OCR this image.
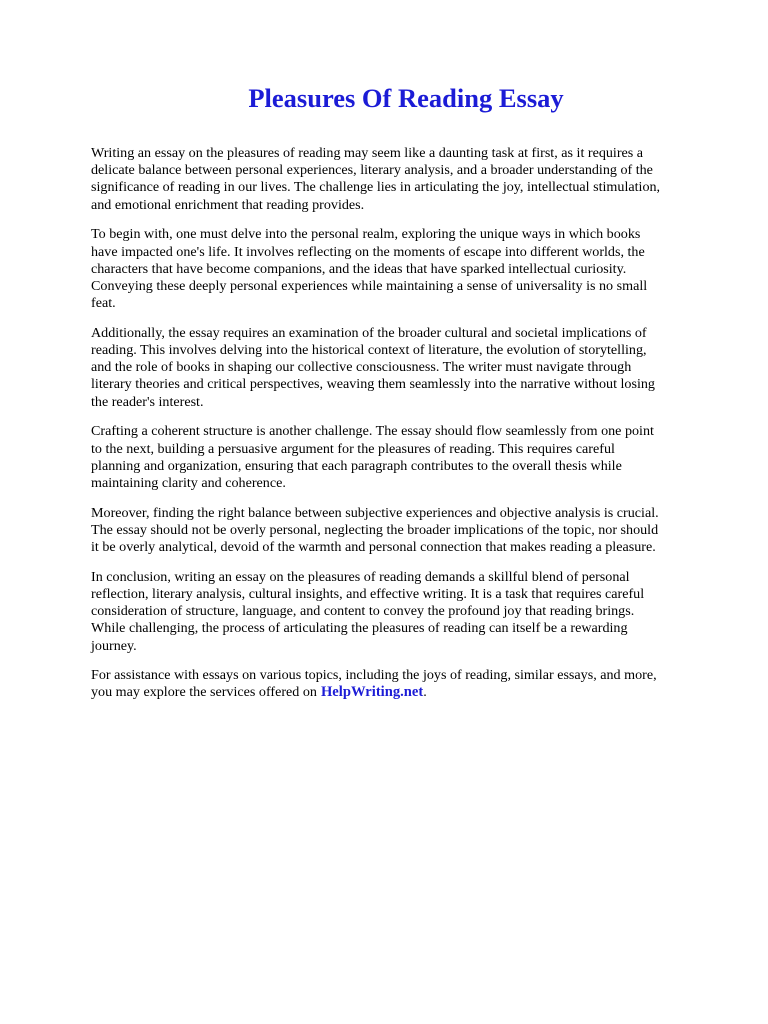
Pleasures Of Reading Essay

Writing an essay on the pleasures of reading may seem like a daunting task at first, as it requires a
delicate balance between personal experiences, literary analysis, and a broader understanding of the
significance of reading in our lives. The challenge lies in articulating the joy, intellectual stimulation,
and emotional enrichment that reading provides.

To begin with, one must delve into the personal realm, exploring the unique ways in which books
have impacted one's life. It involves reflecting on the moments of escape into different worlds, the
characters that have become companions, and the ideas that have sparked intellectual curiosity.
Conveying these deeply personal experiences while maintaining a sense of universality is no small
feat.

Additionally, the essay requires an examination of the broader cultural and societal implications of
reading. This involves delving into the historical context of literature, the evolution of storytelling,
and the role of books in shaping our collective consciousness. The writer must navigate through
literary theories and critical perspectives, weaving them seamlessly into the narrative without losing
the reader's interest.

Crafting a coherent structure is another challenge. The essay should flow seamlessly from one point
to the next, building a persuasive argument for the pleasures of reading. This requires careful
planning and organization, ensuring that each paragraph contributes to the overall thesis while
maintaining clarity and coherence.

Moreover, finding the right balance between subjective experiences and objective analysis is crucial.
The essay should not be overly personal, neglecting the broader implications of the topic, nor should
it be overly analytical, devoid of the warmth and personal connection that makes reading a pleasure.

In conclusion, writing an essay on the pleasures of reading demands a skillful blend of personal
reflection, literary analysis, cultural insights, and effective writing. It is a task that requires careful
consideration of structure, language, and content to convey the profound joy that reading brings.
While challenging, the process of articulating the pleasures of reading can itself be a rewarding
journey.

For assistance with essays on various topics, including the joys of reading, similar essays, and more,
you may explore the services offered on HelpWriting.net.
